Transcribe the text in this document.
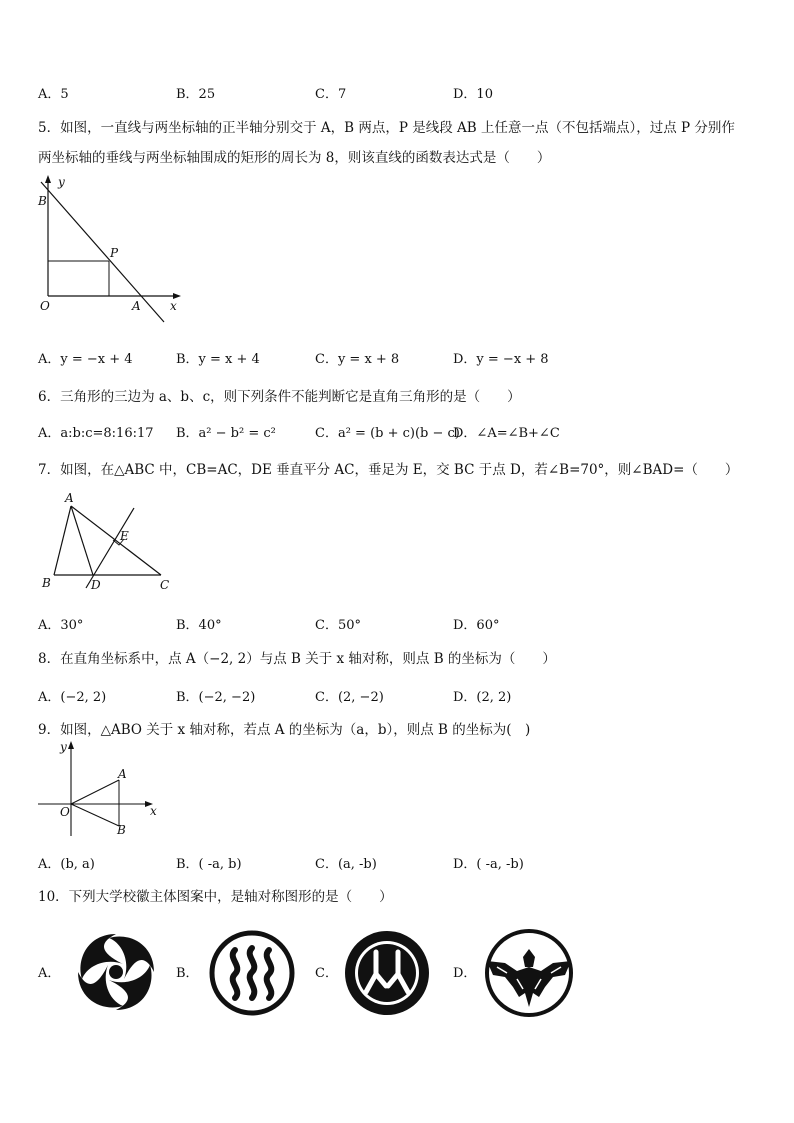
A．5	B．25	C．7	D．10
5．如图，一直线与两坐标轴的正半轴分别交于 A，B 两点，P 是线段 AB 上任意一点（不包括端点），过点 P 分别作
两坐标轴的垂线与两坐标轴围成的矩形的周长为 8，则该直线的函数表达式是（　　）
y
B
P
O	A x
A．y = −x + 4	B．y = x + 4	C．y = x + 8	D．y = −x + 8
6．三角形的三边为 a、b、c，则下列条件不能判断它是直角三角形的是（　　）
A．a:b:c=8:16:17 B．a² − b² = c²	C．a² = (b + c)(b − c)
D．∠A=∠B+∠C
7．如图，在△ABC 中，CB=AC，DE 垂直平分 AC，垂足为 E，交 BC 于点 D，若∠B=70°，则∠BAD=（　　）
A
E
B	D	C
A．30°	B．40°	C．50°	D．60°
8．在直角坐标系中，点 A（−2, 2）与点 B 关于 x 轴对称，则点 B 的坐标为（　　）
A．(−2, 2)	B．(−2, −2)	C．(2, −2)	D．(2, 2)
9．如图，△ABO 关于 x 轴对称，若点 A 的坐标为（a，b），则点 B 的坐标为(　)
y
O
A
B
x
A．(b, a)	B．( -a, b)	C．(a, -b)	D．( -a, -b)
10．下列大学校徽主体图案中，是轴对称图形的是（　　）
A．	B．	C．	D．
